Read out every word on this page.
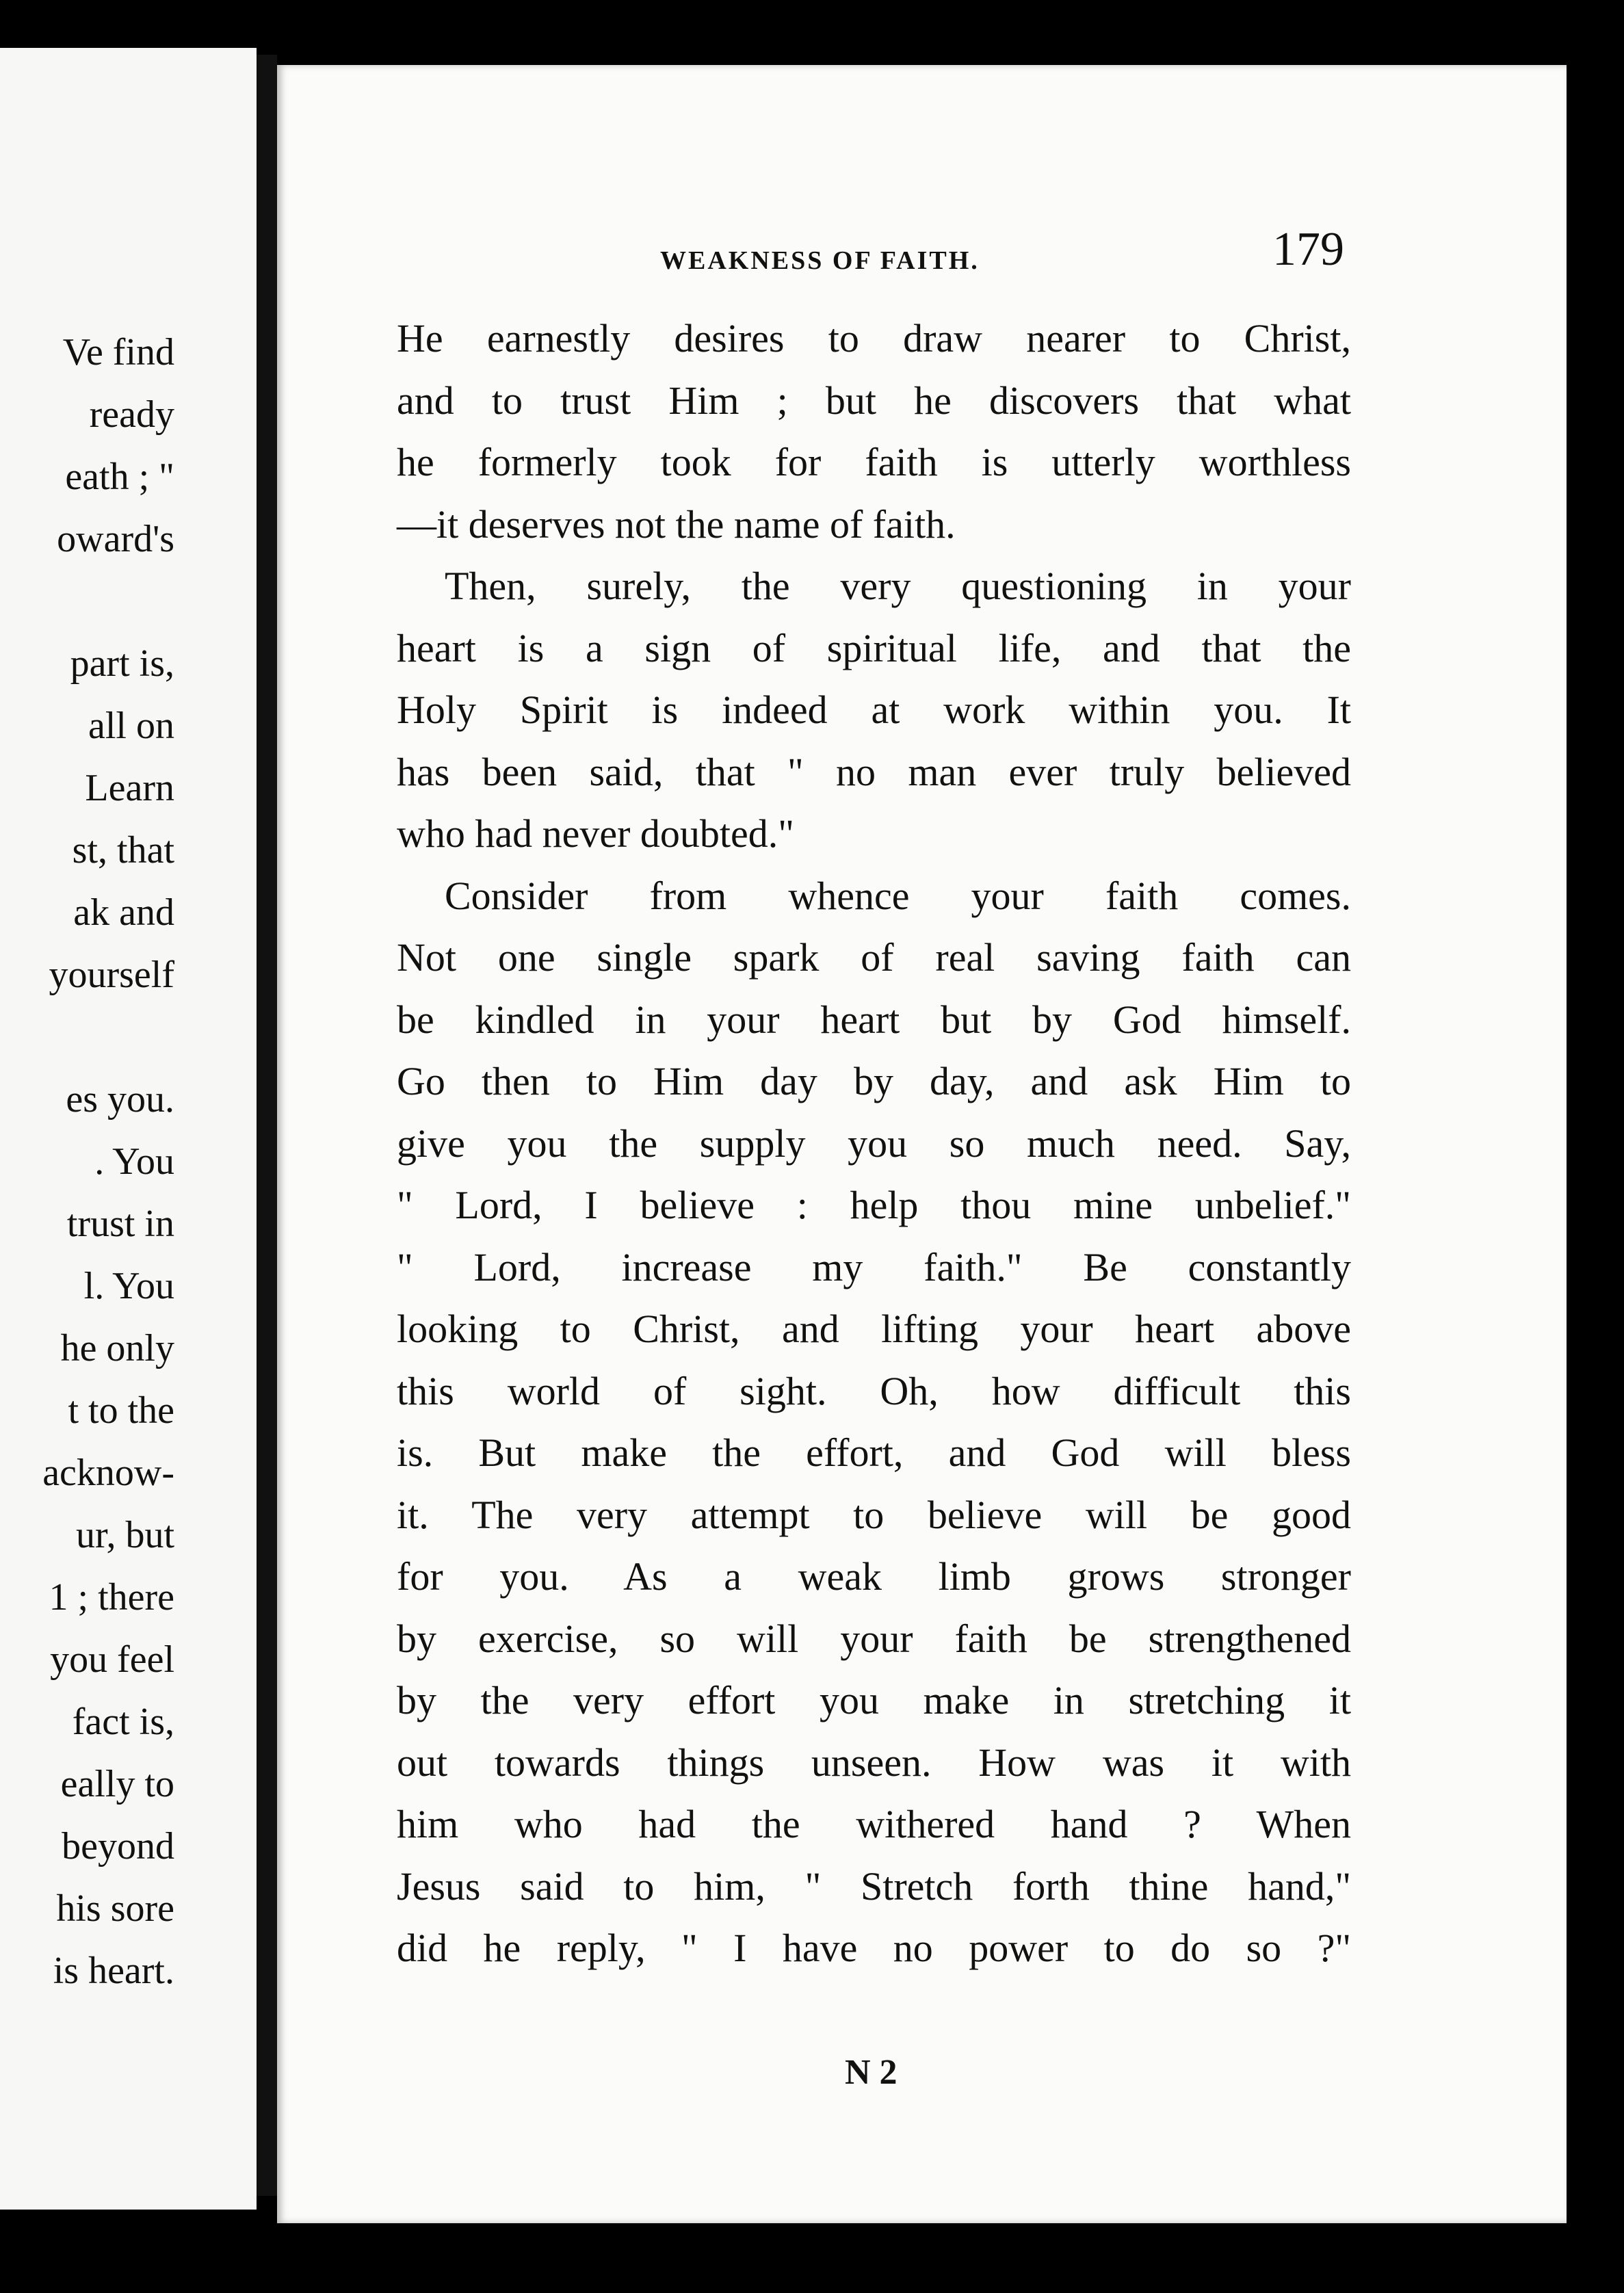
Ve find
ready
eath ; "
oward's
part is,
all on
Learn
st, that
ak and
yourself
es you.
. You
trust in
l. You
he only
t to the
acknow-
ur, but
1 ; there
you feel
fact is,
eally to
beyond
his sore
is heart.
WEAKNESS OF FAITH.	179
He earnestly desires to draw nearer to Christ,
and to trust Him ; but he discovers that what
he formerly took for faith is utterly worthless
—it deserves not the name of faith.
Then, surely, the very questioning in your
heart is a sign of spiritual life, and that the
Holy Spirit is indeed at work within you. It
has been said, that " no man ever truly believed
who had never doubted."
Consider from whence your faith comes.
Not one single spark of real saving faith can
be kindled in your heart but by God himself.
Go then to Him day by day, and ask Him to
give you the supply you so much need. Say,
" Lord, I believe : help thou mine unbelief."
" Lord, increase my faith." Be constantly
looking to Christ, and lifting your heart above
this world of sight. Oh, how difficult this
is. But make the effort, and God will bless
it. The very attempt to believe will be good
for you. As a weak limb grows stronger
by exercise, so will your faith be strengthened
by the very effort you make in stretching it
out towards things unseen. How was it with
him who had the withered hand ? When
Jesus said to him, " Stretch forth thine hand,"
did he reply, " I have no power to do so ?"
N 2
